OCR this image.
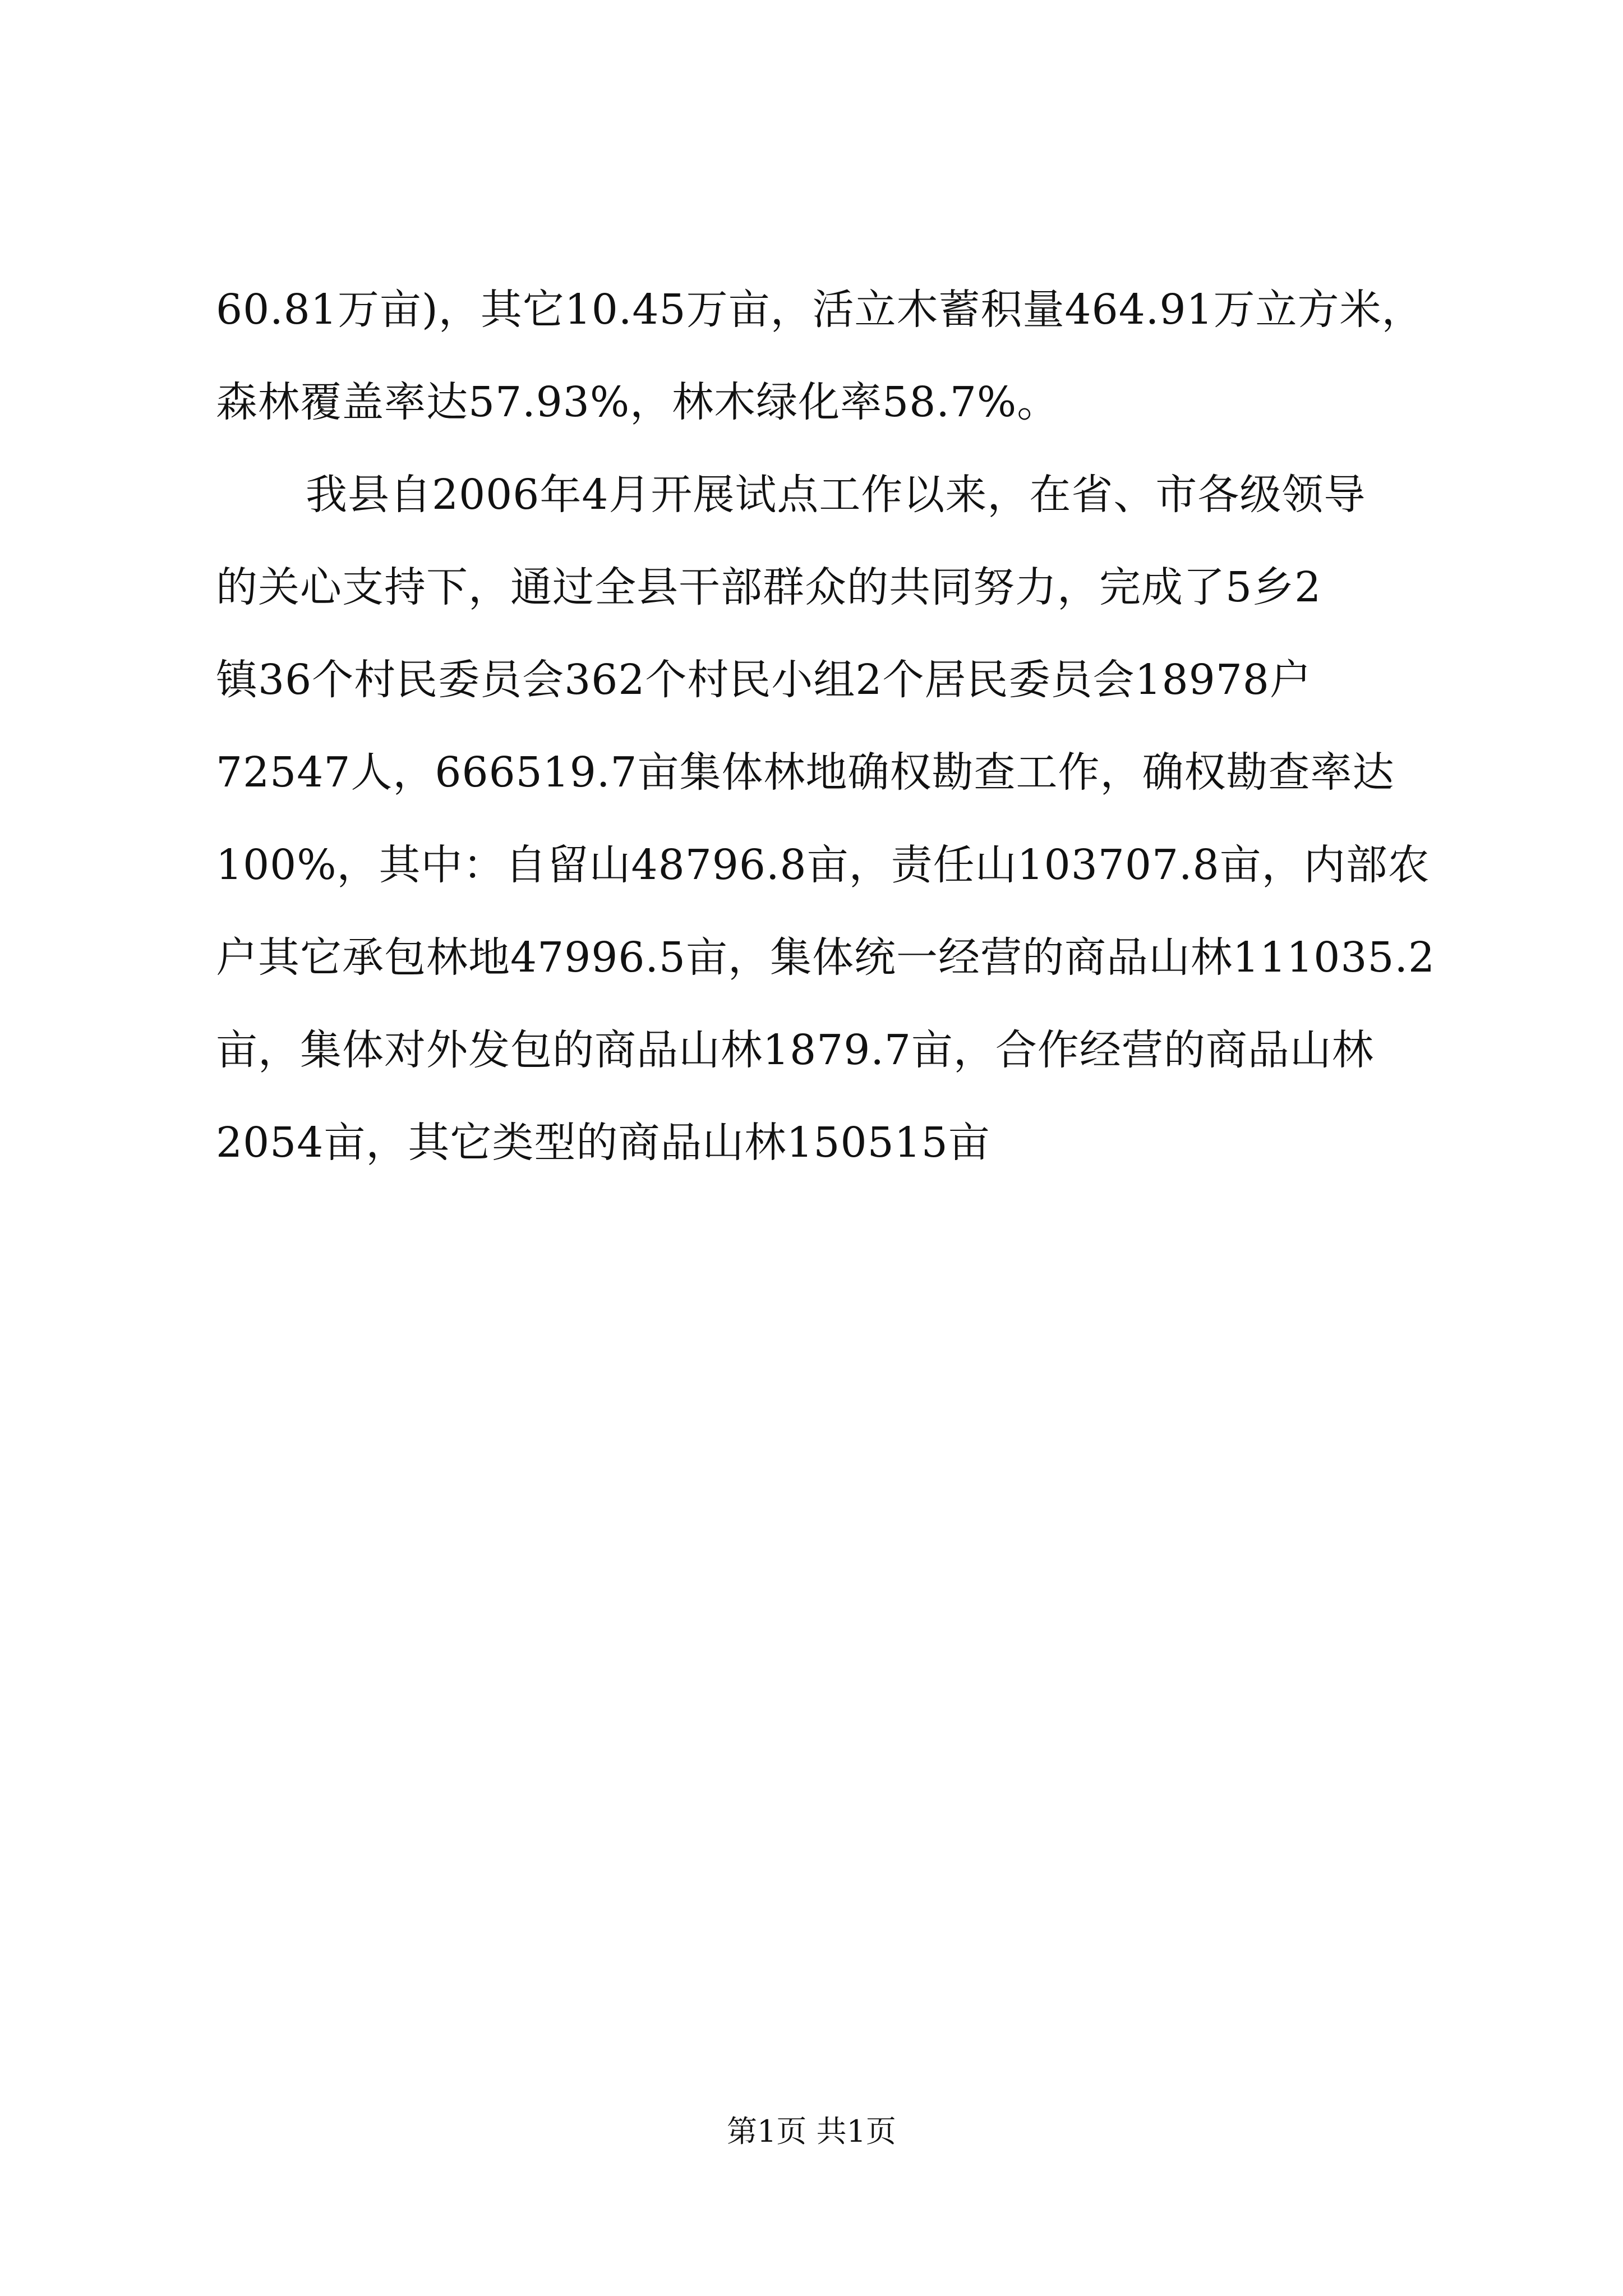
60.81万亩)，其它10.45万亩，活立木蓄积量464.91万立方米，
森林覆盖率达57.93%，林木绿化率58.7%。
我县自2006年4月开展试点工作以来，在省、市各级领导
的关心支持下，通过全县干部群众的共同努力，完成了5乡2
镇36个村民委员会362个村民小组2个居民委员会18978户
72547人，666519.7亩集体林地确权勘查工作，确权勘查率达
100%，其中：自留山48796.8亩，责任山103707.8亩，内部农
户其它承包林地47996.5亩，集体统一经营的商品山林111035.2
亩，集体对外发包的商品山林1879.7亩，合作经营的商品山林
2054亩，其它类型的商品山林150515亩
第1页 共1页
